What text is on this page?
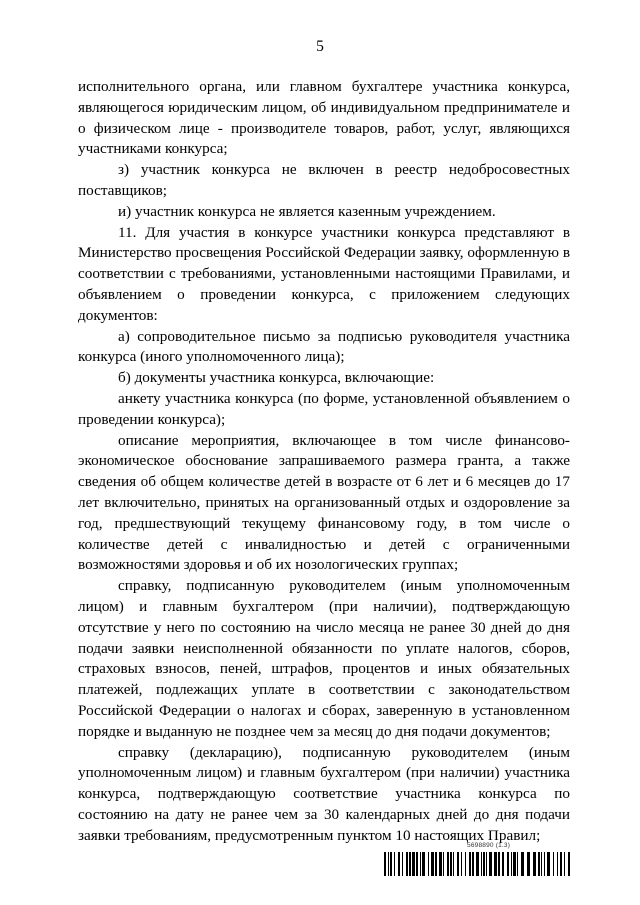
5

исполнительного органа, или главном бухгалтере участника конкурса, являющегося юридическим лицом, об индивидуальном предпринимателе и о физическом лице - производителе товаров, работ, услуг, являющихся участниками конкурса;

з) участник конкурса не включен в реестр недобросовестных поставщиков;

и) участник конкурса не является казенным учреждением.

11. Для участия в конкурсе участники конкурса представляют в Министерство просвещения Российской Федерации заявку, оформленную в соответствии с требованиями, установленными настоящими Правилами, и объявлением о проведении конкурса, с приложением следующих документов:

а) сопроводительное письмо за подписью руководителя участника конкурса (иного уполномоченного лица);

б) документы участника конкурса, включающие:

анкету участника конкурса (по форме, установленной объявлением о проведении конкурса);

описание мероприятия, включающее в том числе финансово-экономическое обоснование запрашиваемого размера гранта, а также сведения об общем количестве детей в возрасте от 6 лет и 6 месяцев до 17 лет включительно, принятых на организованный отдых и оздоровление за год, предшествующий текущему финансовому году, в том числе о количестве детей с инвалидностью и детей с ограниченными возможностями здоровья и об их нозологических группах;

справку, подписанную руководителем (иным уполномоченным лицом) и главным бухгалтером (при наличии), подтверждающую отсутствие у него по состоянию на число месяца не ранее 30 дней до дня подачи заявки неисполненной обязанности по уплате налогов, сборов, страховых взносов, пеней, штрафов, процентов и иных обязательных платежей, подлежащих уплате в соответствии с законодательством Российской Федерации о налогах и сборах, заверенную в установленном порядке и выданную не позднее чем за месяц до дня подачи документов;

справку (декларацию), подписанную руководителем (иным уполномоченным лицом) и главным бухгалтером (при наличии) участника конкурса, подтверждающую соответствие участника конкурса по состоянию на дату не ранее чем за 30 календарных дней до дня подачи заявки требованиям, предусмотренным пунктом 10 настоящих Правил;

5698890 (1.3)
